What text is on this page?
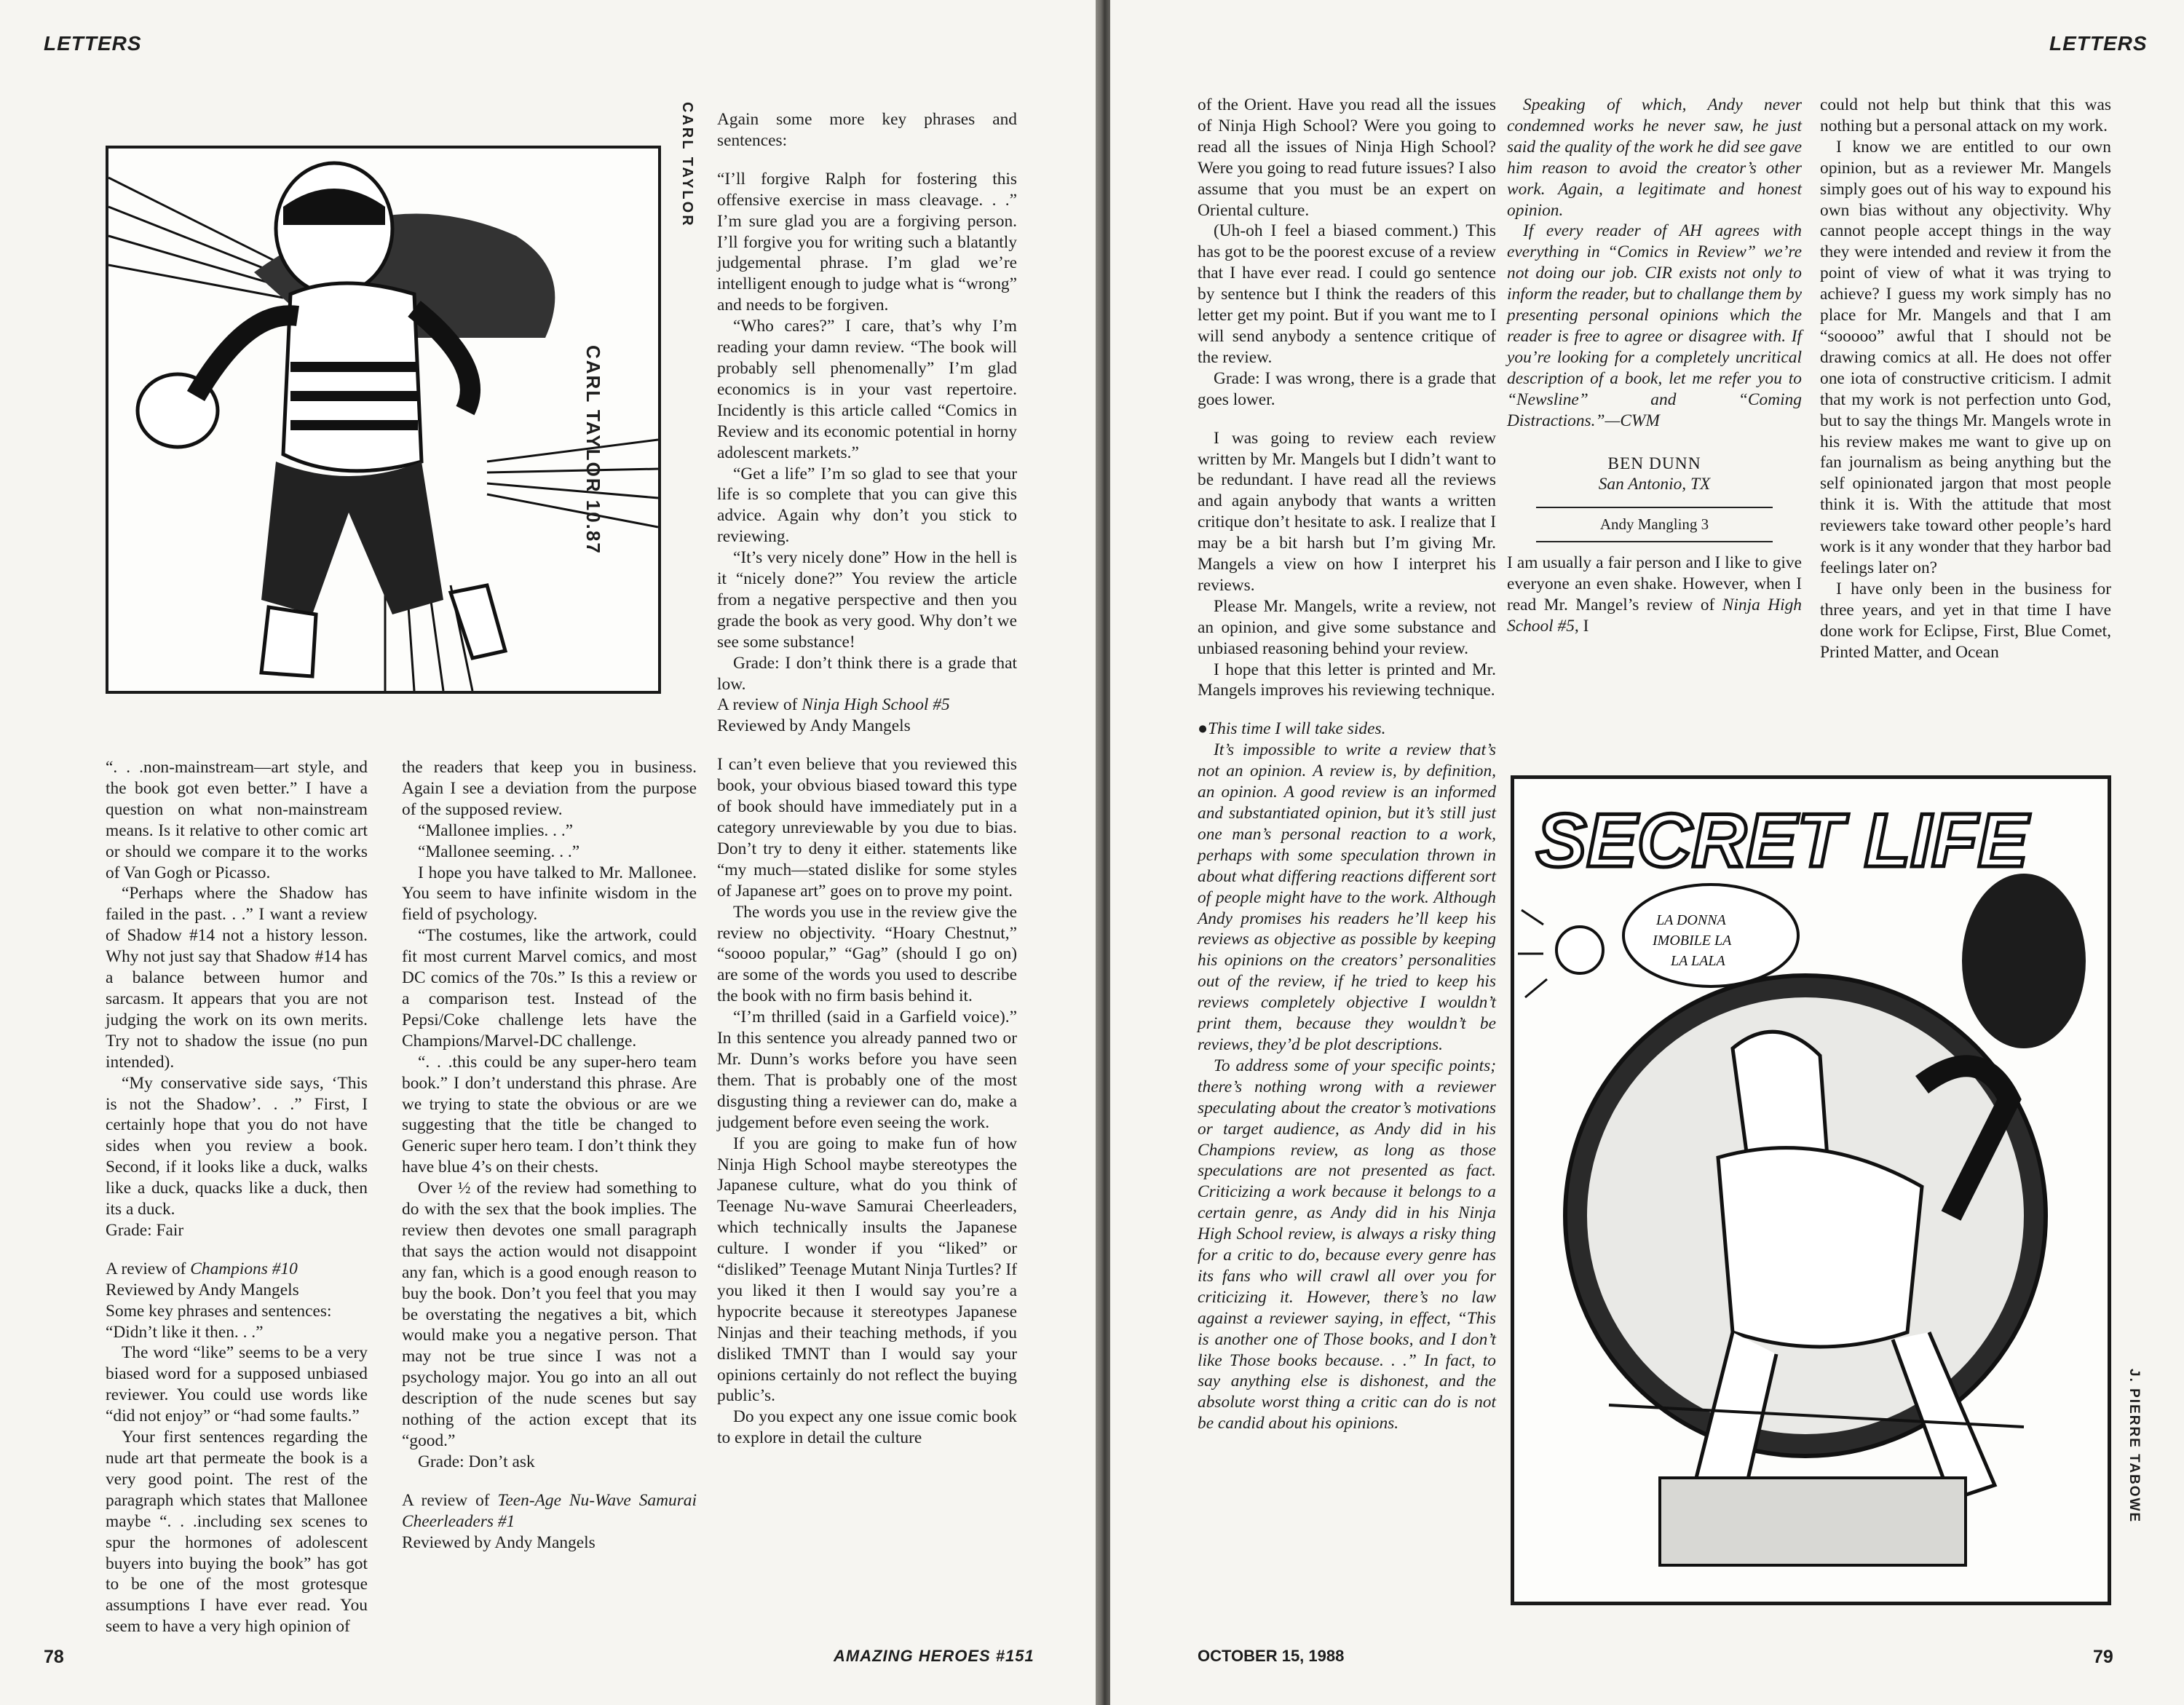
LETTERS
CARL TAYLOR 10.87
CARL TAYLOR

“. . .non-mainstream—art style, and the book got even better.” I have a question on what non-mainstream means. Is it relative to other comic art or should we compare it to the works of Van Gogh or Picasso.

“Perhaps where the Shadow has failed in the past. . .” I want a review of Shadow #14 not a history lesson. Why not just say that Shadow #14 has a balance between humor and sarcasm. It appears that you are not judging the work on its own merits. Try not to shadow the issue (no pun intended).

“My conservative side says, ‘This is not the Shadow’. . .” First, I certainly hope that you do not have sides when you review a book. Second, if it looks like a duck, walks like a duck, quacks like a duck, then its a duck.

Grade: Fair

A review of Champions #10

Reviewed by Andy Mangels

Some key phrases and sentences:

“Didn’t like it then. . .”

The word “like” seems to be a very biased word for a supposed unbiased reviewer. You could use words like “did not enjoy” or “had some faults.”

Your first sentences regarding the nude art that permeate the book is a very good point. The rest of the paragraph which states that Mallonee maybe “. . .including sex scenes to spur the hormones of adolescent buyers into buying the book” has got to be one of the most grotesque assumptions I have ever read. You seem to have a very high opinion of

the readers that keep you in business. Again I see a deviation from the purpose of the supposed review.

“Mallonee implies. . .”

“Mallonee seeming. . .”

I hope you have talked to Mr. Mallonee. You seem to have infinite wisdom in the field of psychology.

“The costumes, like the artwork, could fit most current Marvel comics, and most DC comics of the 70s.” Is this a review or a comparison test. Instead of the Pepsi/Coke challenge lets have the Champions/Marvel-DC challenge.

“. . .this could be any super-hero team book.” I don’t understand this phrase. Are we trying to state the obvious or are we suggesting that the title be changed to Generic super hero team. I don’t think they have blue 4’s on their chests.

Over ½ of the review had something to do with the sex that the book implies. The review then devotes one small paragraph that says the action would not disappoint any fan, which is a good enough reason to buy the book. Don’t you feel that you may be overstating the negatives a bit, which would make you a negative person. That may not be true since I was not a psychology major. You go into an all out description of the nude scenes but say nothing of the action except that its “good.”

Grade: Don’t ask

A review of Teen-Age Nu-Wave Samurai Cheerleaders #1

Reviewed by Andy Mangels

Again some more key phrases and sentences:

“I’ll forgive Ralph for fostering this offensive exercise in mass cleavage. . .” I’m sure glad you are a forgiving person. I’ll forgive you for writing such a blatantly judgemental phrase. I’m glad we’re intelligent enough to judge what is “wrong” and needs to be forgiven.

“Who cares?” I care, that’s why I’m reading your damn review. “The book will probably sell phenomenally” I’m glad economics is in your vast repertoire. Incidently is this article called “Comics in Review and its economic potential in horny adolescent markets.”

“Get a life” I’m so glad to see that your life is so complete that you can give this advice. Again why don’t you stick to reviewing.

“It’s very nicely done” How in the hell is it “nicely done?” You review the article from a negative perspective and then you grade the book as very good. Why don’t we see some substance!

Grade: I don’t think there is a grade that low.

A review of Ninja High School #5

Reviewed by Andy Mangels

I can’t even believe that you reviewed this book, your obvious biased toward this type of book should have immediately put in a category unreviewable by you due to bias. Don’t try to deny it either. statements like “my much—stated dislike for some styles of Japanese art” goes on to prove my point.

The words you use in the review give the review no objectivity. “Hoary Chestnut,” “soooo popular,” “Gag” (should I go on) are some of the words you used to describe the book with no firm basis behind it.

“I’m thrilled (said in a Garfield voice).” In this sentence you already panned two or Mr. Dunn’s works before you have seen them. That is probably one of the most disgusting thing a reviewer can do, make a judgement before even seeing the work.

If you are going to make fun of how Ninja High School maybe stereotypes the Japanese culture, what do you think of Teenage Nu-wave Samurai Cheerleaders, which technically insults the Japanese culture. I wonder if you “liked” or “disliked” Teenage Mutant Ninja Turtles? If you liked it then I would say you’re a hypocrite because it stereotypes Japanese Ninjas and their teaching methods, if you disliked TMNT than I would say your opinions certainly do not reflect the buying public’s.

Do you expect any one issue comic book to explore in detail the culture

78	AMAZING HEROES #151
LETTERS

of the Orient. Have you read all the issues of Ninja High School? Were you going to read all the issues of Ninja High School? Were you going to read future issues? I also assume that you must be an expert on Oriental culture.

(Uh-oh I feel a biased comment.) This has got to be the poorest excuse of a review that I have ever read. I could go sentence by sentence but I think the readers of this letter get my point. But if you want me to I will send anybody a sentence critique of the review.

Grade: I was wrong, there is a grade that goes lower.

I was going to review each review written by Mr. Mangels but I didn’t want to be redundant. I have read all the reviews and again anybody that wants a written critique don’t hesitate to ask. I realize that I may be a bit harsh but I’m giving Mr. Mangels a view on how I interpret his reviews.

Please Mr. Mangels, write a review, not an opinion, and give some substance and unbiased reasoning behind your review.

I hope that this letter is printed and Mr. Mangels improves his reviewing technique.

●This time I will take sides.

It’s impossible to write a review that’s not an opinion. A review is, by definition, an opinion. A good review is an informed and substantiated opinion, but it’s still just one man’s personal reaction to a work, perhaps with some speculation thrown in about what differing reactions different sort of people might have to the work. Although Andy promises his readers he’ll keep his reviews as objective as possible by keeping his opinions on the creators’ personalities out of the review, if he tried to keep his reviews completely objective I wouldn’t print them, because they wouldn’t be reviews, they’d be plot descriptions.

To address some of your specific points; there’s nothing wrong with a reviewer speculating about the creator’s motivations or target audience, as Andy did in his Champions review, as long as those speculations are not presented as fact. Criticizing a work because it belongs to a certain genre, as Andy did in his Ninja High School review, is always a risky thing for a critic to do, because every genre has its fans who will crawl all over you for criticizing it. However, there’s no law against a reviewer saying, in effect, “This is another one of Those books, and I don’t like Those books because. . .” In fact, to say anything else is dishonest, and the absolute worst thing a critic can do is not be candid about his opinions.

Speaking of which, Andy never condemned works he never saw, he just said the quality of the work he did see gave him reason to avoid the creator’s other work. Again, a legitimate and honest opinion.

If every reader of AH agrees with everything in “Comics in Review” we’re not doing our job. CIR exists not only to inform the reader, but to challange them by presenting personal opinions which the reader is free to agree or disagree with. If you’re looking for a completely uncritical description of a book, let me refer you to “Newsline” and “Coming Distractions.”—CWM

BEN DUNN
San Antonio, TX
Andy Mangling 3

I am usually a fair person and I like to give everyone an even shake. However, when I read Mr. Mangel’s review of Ninja High School #5, I

could not help but think that this was nothing but a personal attack on my work.

I know we are entitled to our own opinion, but as a reviewer Mr. Mangels simply goes out of his way to expound his own bias without any objectivity. Why cannot people accept things in the way they were intended and review it from the point of view of what it was trying to achieve? I guess my work simply has no place for Mr. Mangels and that I am “sooooo” awful that I should not be drawing comics at all. He does not offer one iota of constructive criticism. I admit that my work is not perfection unto God, but to say the things Mr. Mangels wrote in his review makes me want to give up on fan journalism as being anything but the self opinionated jargon that most people think it is. With the attitude that most reviewers take toward other people’s hard work is it any wonder that they harbor bad feelings later on?

I have only been in the business for three years, and yet in that time I have done work for Eclipse, First, Blue Comet, Printed Matter, and Ocean

SECRET LIFE
LA DONNA
IMOBILE LA
LA LALA
J. PIERRE TABOWE
OCTOBER 15, 1988	79
